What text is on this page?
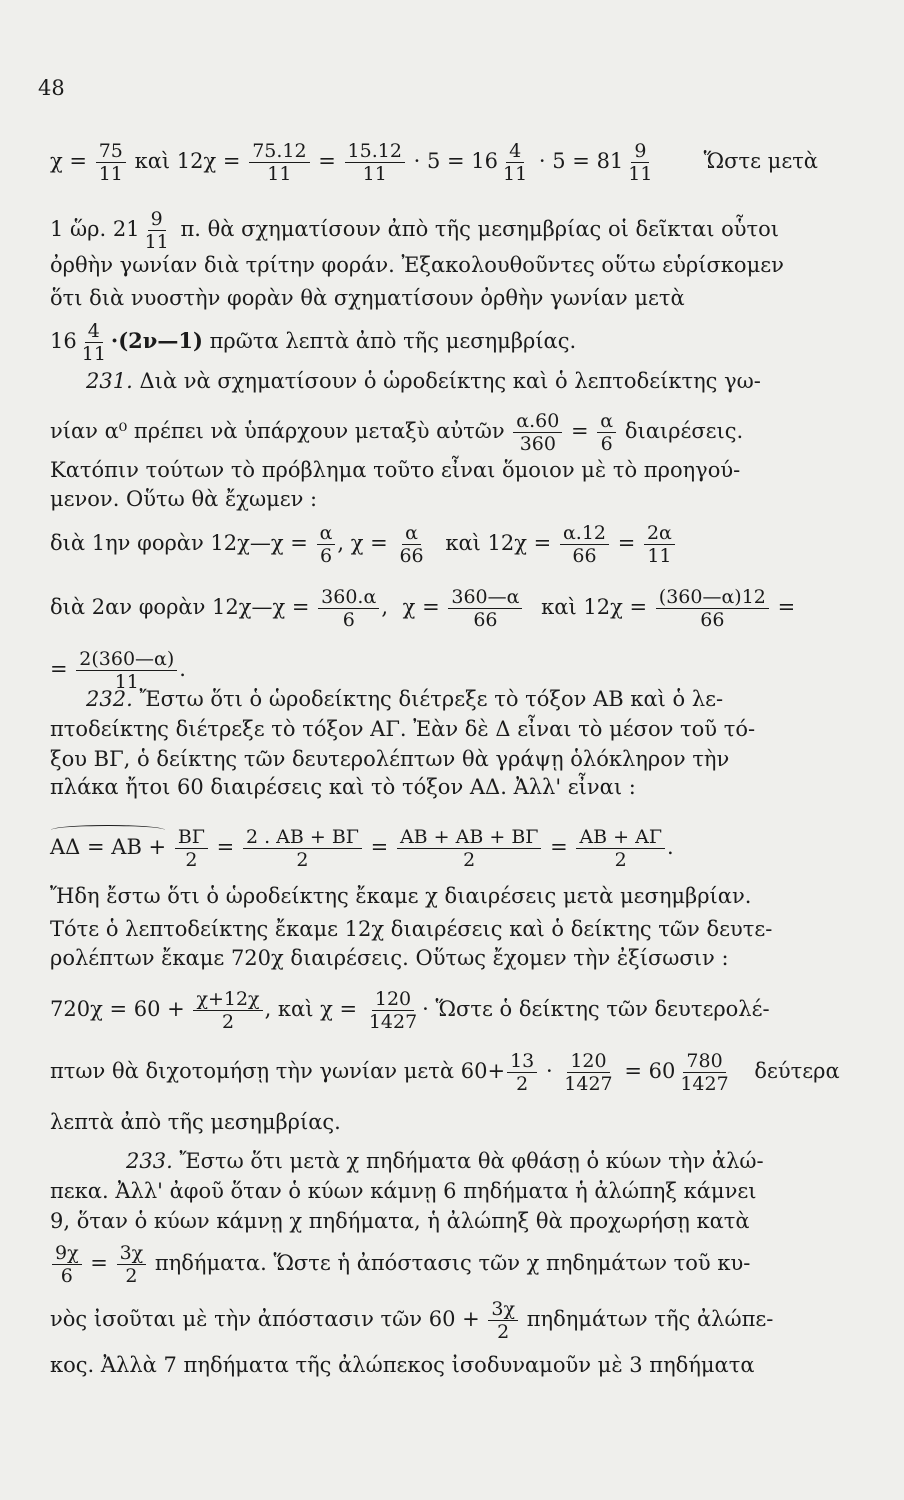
48
$\chi = \frac{75}{11}$ καὶ $12\chi = \frac{75.12}{11} = \frac{15.12}{11} \cdot 5 = 16 \frac{4}{11} \cdot 5 = 81 \frac{9}{11}$ Ὥστε μετὰ
1 ὥρ. $21 \frac{9}{11} \pi$. θὰ σχηματίσουν ἀπὸ τῆς μεσημβρίας οἱ δεῖκται οὗτοι
ὀρθὴν γωνίαν διὰ τρίτην φοράν. Ἐξακολουθοῦντες οὕτω εὑρίσκομεν
ὅτι διὰ νυοστὴν φορὰν θὰ σχηματίσουν ὀρθὴν γωνίαν μετὰ
$16 \frac{4}{11}$ ·(2ν—1) πρῶτα λεπτὰ ἀπὸ τῆς μεσημβρίας.
231. Διὰ νὰ σχηματίσουν ὁ ὡροδείκτης καὶ ὁ λεπτοδείκτης γω-
νίαν α⁰ πρέπει νὰ ὑπάρχουν μεταξὺ αὐτῶν $\frac{\alpha.60}{360} = \frac{\alpha}{6} \delta\iota\alpha\iota\rho έ\sigma\varepsilon\iota\varsigma$.
Κατόπιν τούτων τὸ πρόβλημα τοῦτο εἶναι ὅμοιον μὲ τὸ προηγού-
μενον. Οὕτω θὰ ἔχωμεν :
διὰ 1ην φορὰν 12χ—χ = $\frac{\alpha}{6}$ , $\chi = \frac{\alpha}{66}$ καὶ $12\chi = \frac{\alpha.12}{66} = \frac{2\alpha}{11}$
διὰ 2αν φορὰν 12χ—χ = $\frac{360.\alpha}{6}$ , $\chi = \frac{360—\alpha}{66}$ καὶ $12\chi = \frac{(360—\alpha)12}{66}$ =
= $\frac{2(360—\alpha)}{11}$ .
232. Ἔστω ὅτι ὁ ὡροδείκτης διέτρεξε τὸ τόξον ΑΒ καὶ ὁ λε-
πτοδείκτης διέτρεξε τὸ τόξον ΑΓ. Ἐὰν δὲ Δ εἶναι τὸ μέσον τοῦ τό-
ξου ΒΓ, ὁ δείκτης τῶν δευτερολέπτων θὰ γράψῃ ὁλόκληρον τὴν
πλάκα ἤτοι 60 διαιρέσεις καὶ τὸ τόξον ΑΔ. Ἀλλ' εἶναι :
$A\Delta = AB + \frac{B\Gamma}{2} = \frac{2 . AB + B\Gamma}{2} = \frac{AB + AB + B\Gamma}{2} = \frac{AB + A\Gamma}{2}$ .
Ἤδη ἔστω ὅτι ὁ ὡροδείκτης ἔκαμε χ διαιρέσεις μετὰ μεσημβρίαν.
Τότε ὁ λεπτοδείκτης ἔκαμε 12χ διαιρέσεις καὶ ὁ δείκτης τῶν δευτε-
ρολέπτων ἔκαμε 720χ διαιρέσεις. Οὕτως ἔχομεν τὴν ἐξίσωσιν :
$720\chi = 60 + \frac{\chi+12\chi}{2}$ , καὶ $\chi = \frac{120}{1427}$ · Ὥστε ὁ δείκτης τῶν δευτερολέ-
πτων θὰ διχοτομήσῃ τὴν γωνίαν μετὰ $60+ \frac{13}{2} \cdot \frac{120}{1427} = 60 \frac{780}{1427}$ δεύτερα
λεπτὰ ἀπὸ τῆς μεσημβρίας.
233. Ἔστω ὅτι μετὰ χ πηδήματα θὰ φθάσῃ ὁ κύων τὴν ἀλώ-
πεκα. Ἀλλ' ἀφοῦ ὅταν ὁ κύων κάμνῃ 6 πηδήματα ἡ ἀλώπηξ κάμνει
9, ὅταν ὁ κύων κάμνῃ χ πηδήματα, ἡ ἀλώπηξ θὰ προχωρήσῃ κατὰ
$\frac{9\chi}{6} = \frac{3\chi}{2} \pi\eta\delta ή\mu\alpha\tau\alpha$. Ὥστε ἡ ἀπόστασις τῶν χ πηδημάτων τοῦ κυ-
νὸς ἰσοῦται μὲ τὴν ἀπόστασιν τῶν $60 + \frac{3\chi}{2}$ πηδημάτων τῆς ἀλώπε-
κος. Ἀλλὰ 7 πηδήματα τῆς ἀλώπεκος ἰσοδυναμοῦν μὲ 3 πηδήματα
